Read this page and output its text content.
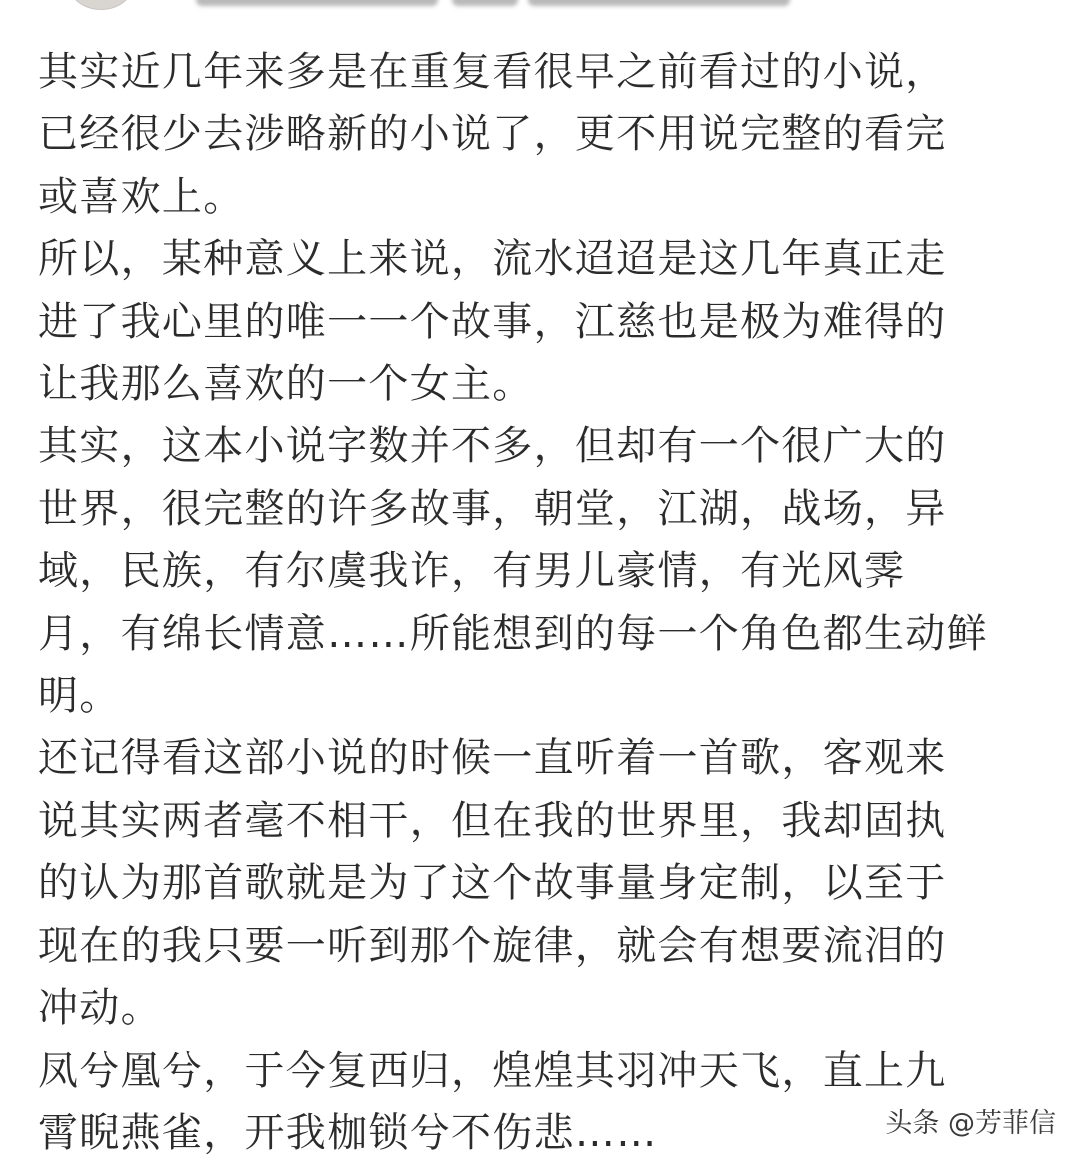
其实近几年来多是在重复看很早之前看过的小说，
已经很少去涉略新的小说了，更不用说完整的看完
或喜欢上。
所以，某种意义上来说，流水迢迢是这几年真正走
进了我心里的唯一一个故事，江慈也是极为难得的
让我那么喜欢的一个女主。
其实，这本小说字数并不多，但却有一个很广大的
世界，很完整的许多故事，朝堂，江湖，战场，异
域，民族，有尔虞我诈，有男儿豪情，有光风霁
月，有绵长情意……所能想到的每一个角色都生动鲜
明。
还记得看这部小说的时候一直听着一首歌，客观来
说其实两者毫不相干，但在我的世界里，我却固执
的认为那首歌就是为了这个故事量身定制，以至于
现在的我只要一听到那个旋律，就会有想要流泪的
冲动。
凤兮凰兮，于今复西归，煌煌其羽冲天飞，直上九
霄睨燕雀，开我枷锁兮不伤悲……	头条 @芳菲信
